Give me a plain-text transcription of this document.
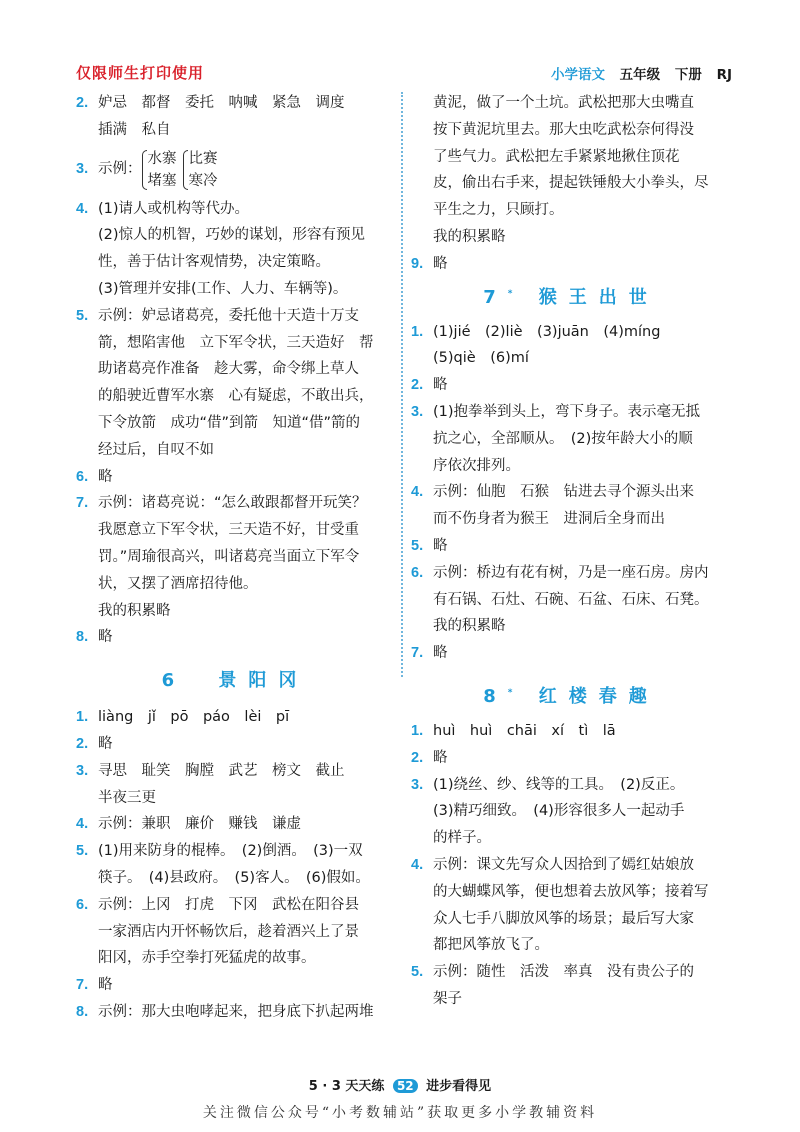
仅限师生打印使用	小学语文 五年级 下册 RJ
2. 妒忌　都督　委托　呐喊　紧急　调度
插满　私自
3. 示例：
水寨
堵塞
比赛
寒冷
4. (1)请人或机构等代办。
(2)惊人的机智，巧妙的谋划，形容有预见
性，善于估计客观情势，决定策略。
(3)管理并安排(工作、人力、车辆等)。
5. 示例：妒忌诸葛亮，委托他十天造十万支
箭，想陷害他　立下军令状，三天造好　帮
助诸葛亮作准备　趁大雾，命令绑上草人
的船驶近曹军水寨　心有疑虑，不敢出兵，
下令放箭　成功“借”到箭　知道“借”箭的
经过后，自叹不如
6. 略
7. 示例：诸葛亮说：“怎么敢跟都督开玩笑？
我愿意立下军令状，三天造不好，甘受重
罚。”周瑜很高兴，叫诸葛亮当面立下军令
状，又摆了酒席招待他。
我的积累略
8. 略
6 景阳冈
1. liàng　jǐ　pō　páo　lèi　pī
2. 略
3. 寻思　耻笑　胸膛　武艺　榜文　截止
半夜三更
4. 示例：兼职　廉价　赚钱　谦虚
5. (1)用来防身的棍棒。　(2)倒酒。　(3)一双
筷子。　(4)县政府。　(5)客人。　(6)假如。
6. 示例：上冈　打虎　下冈　武松在阳谷县
一家酒店内开怀畅饮后，趁着酒兴上了景
阳冈，赤手空拳打死猛虎的故事。
7. 略
8. 示例：那大虫咆哮起来，把身底下扒起两堆
黄泥，做了一个土坑。武松把那大虫嘴直
按下黄泥坑里去。那大虫吃武松奈何得没
了些气力。武松把左手紧紧地揪住顶花
皮，偷出右手来，提起铁锤般大小拳头，尽
平生之力，只顾打。
我的积累略
9. 略
7* 猴王出世
1. (1)jié　(2)liè　(3)juān　(4)míng
(5)qiè　(6)mí
2. 略
3. (1)抱拳举到头上，弯下身子。表示毫无抵
抗之心，全部顺从。　(2)按年龄大小的顺
序依次排列。
4. 示例：仙胞　石猴　钻进去寻个源头出来
而不伤身者为猴王　进洞后全身而出
5. 略
6. 示例：桥边有花有树，乃是一座石房。房内
有石锅、石灶、石碗、石盆、石床、石凳。
我的积累略
7. 略
8* 红楼春趣
1. huì　huì　chāi　xí　tì　lā
2. 略
3. (1)绕丝、纱、线等的工具。　(2)反正。
(3)精巧细致。　(4)形容很多人一起动手
的样子。
4. 示例：课文先写众人因拾到了嫣红姑娘放
的大蝴蝶风筝，便也想着去放风筝；接着写
众人七手八脚放风筝的场景；最后写大家
都把风筝放飞了。
5. 示例：随性　活泼　率真　没有贵公子的
架子
5 · 3 天天练 52 进步看得见
关注微信公众号“小考数辅站”获取更多小学教辅资料
